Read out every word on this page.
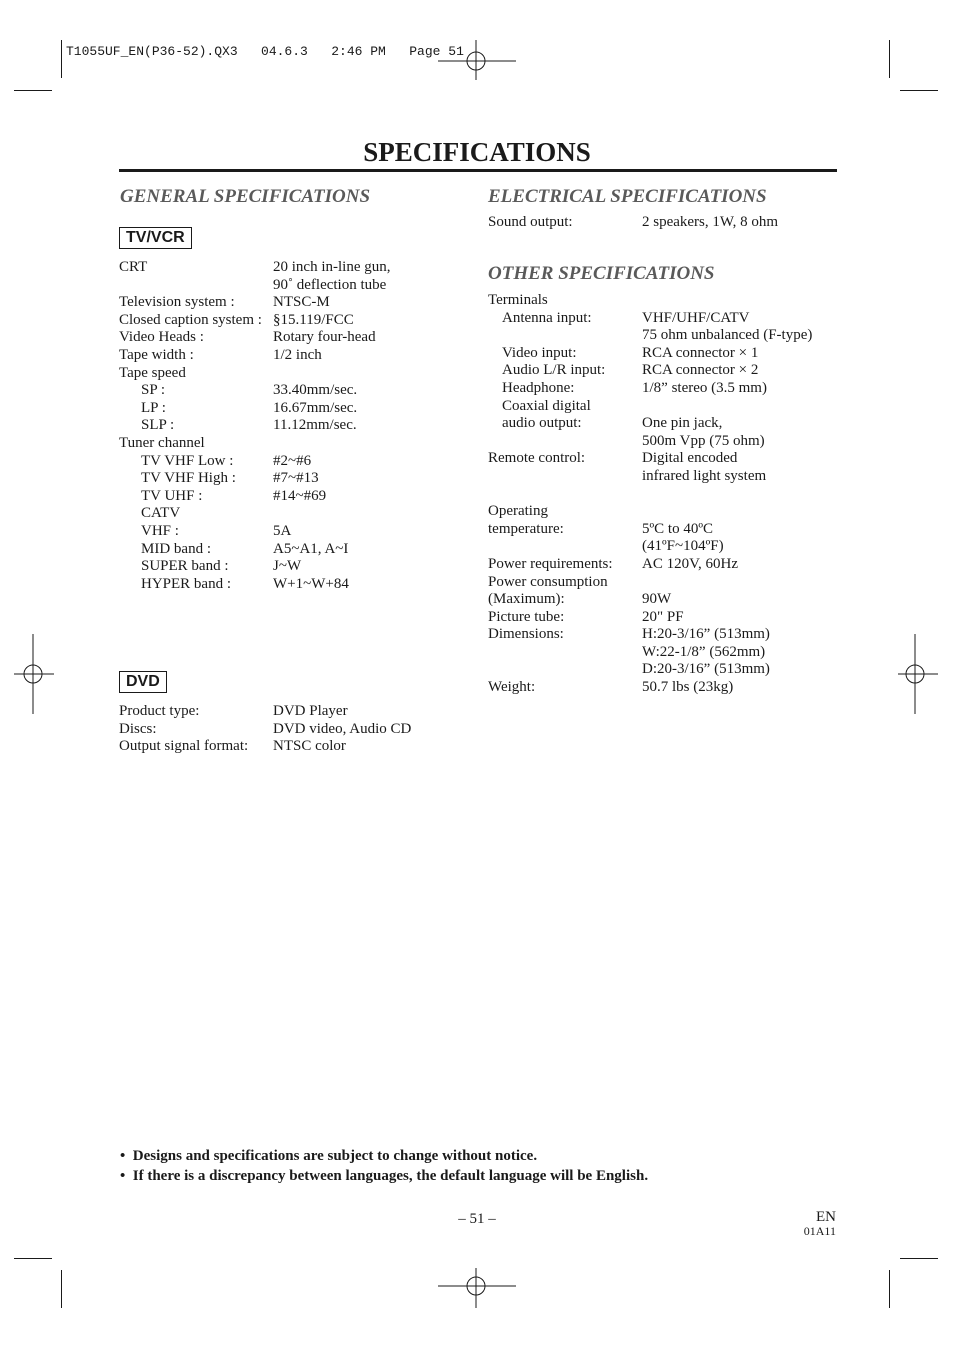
T1055UF_EN(P36-52).QX3   04.6.3   2:46 PM   Page 51
SPECIFICATIONS
GENERAL SPECIFICATIONS
TV/VCR
CRT	20 inch in-line gun,
90˚ deflection tube
Television system :	NTSC-M
Closed caption system : §15.119/FCC
Video Heads :	Rotary four-head
Tape width :	1/2 inch
Tape speed
SP :	33.40mm/sec.
LP :	16.67mm/sec.
SLP :	11.12mm/sec.
Tuner channel
TV VHF Low :	#2~#6
TV VHF High : #7~#13
TV UHF :	#14~#69
CATV
VHF :	5A
MID band :	A5~A1, A~I
SUPER band :	J~W
HYPER band :	W+1~W+84
DVD
Product type:	DVD Player
Discs:	DVD video, Audio CD
Output signal format: NTSC color
ELECTRICAL SPECIFICATIONS
Sound output:	2 speakers, 1W, 8 ohm
OTHER SPECIFICATIONS
Terminals
Antenna input:	VHF/UHF/CATV
75 ohm unbalanced (F-type)
Video input:	RCA connector × 1
Audio L/R input: RCA connector × 2
Headphone:	1/8” stereo (3.5 mm)
Coaxial digital
audio output:	One pin jack,
500m Vpp (75 ohm)
Remote control:	Digital encoded
infrared light system
Operating
temperature:	5ºC to 40ºC
(41ºF~104ºF)
Power requirements: AC 120V, 60Hz
Power consumption
(Maximum):	90W
Picture tube:	20" PF
Dimensions:	H:20-3/16” (513mm)
W:22-1/8” (562mm)
D:20-3/16” (513mm)
Weight:	50.7 lbs (23kg)
•  Designs and specifications are subject to change without notice.
•  If there is a discrepancy between languages, the default language will be English.
– 51 –	EN
01A11
